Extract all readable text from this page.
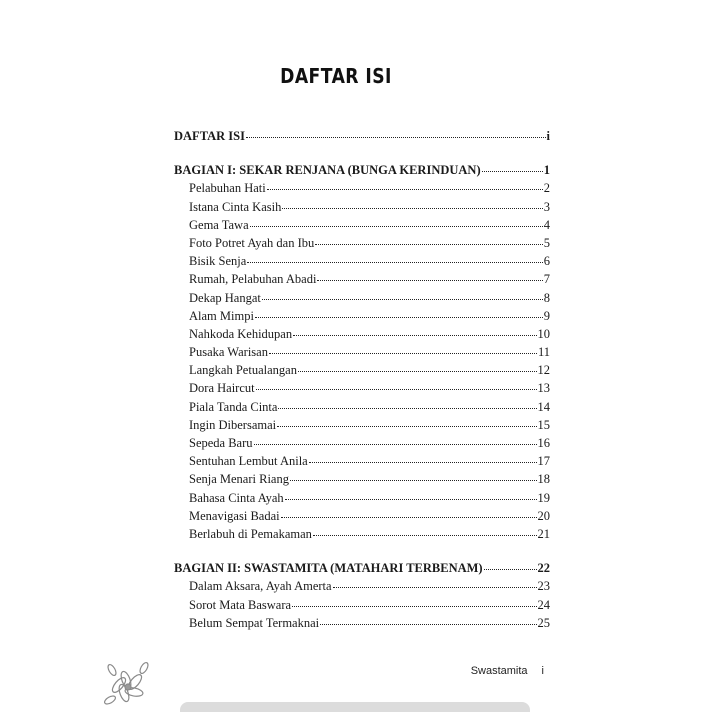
DAFTAR ISI
DAFTAR ISI	i
BAGIAN I: SEKAR RENJANA (BUNGA KERINDUAN)	1
Pelabuhan Hati	2
Istana Cinta Kasih	3
Gema Tawa	4
Foto Potret Ayah dan Ibu	5
Bisik Senja	6
Rumah, Pelabuhan Abadi	7
Dekap Hangat	8
Alam Mimpi	9
Nahkoda Kehidupan	10
Pusaka Warisan	11
Langkah Petualangan	12
Dora Haircut	13
Piala Tanda Cinta	14
Ingin Dibersamai	15
Sepeda Baru	16
Sentuhan Lembut Anila	17
Senja Menari Riang	18
Bahasa Cinta Ayah	19
Menavigasi Badai	20
Berlabuh di Pemakaman	21
BAGIAN II: SWASTAMITA (MATAHARI TERBENAM)	22
Dalam Aksara, Ayah Amerta	23
Sorot Mata Baswara	24
Belum Sempat Termaknai	25
Swastamita i
